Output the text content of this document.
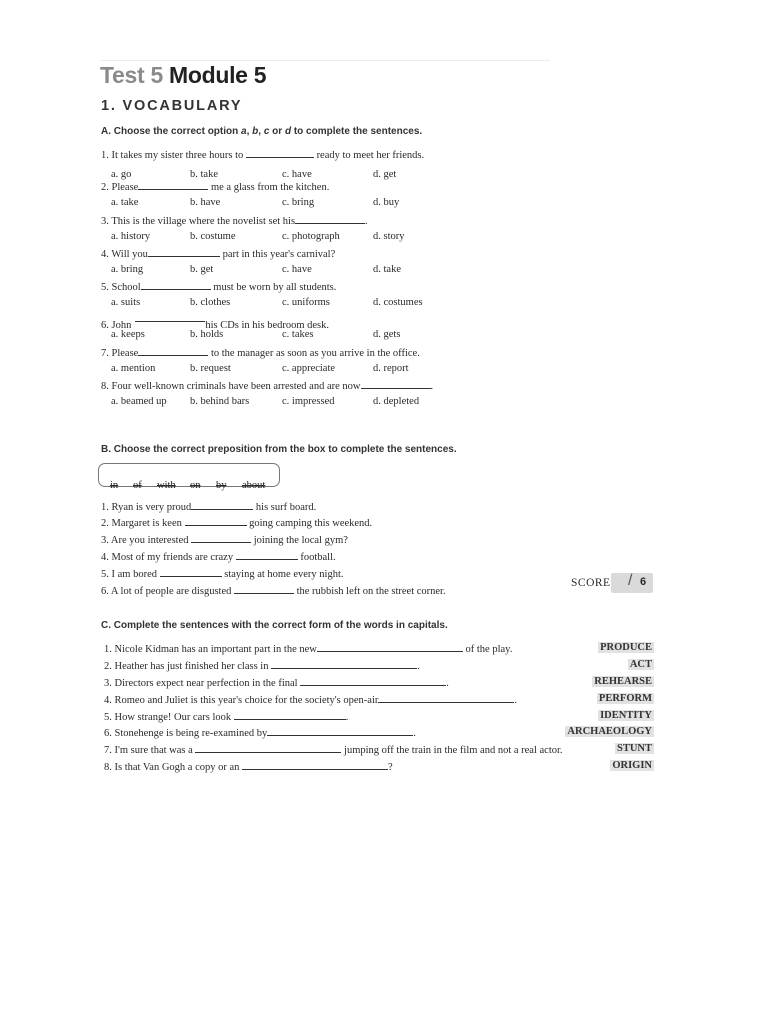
Test 5 Module 5
1. VOCABULARY
A. Choose the correct option a, b, c or d to complete the sentences.
1. It takes my sister three hours to	ready to meet her friends.
a. go	b. take	c. have	d. get
2. Please	me a glass from the kitchen.
a. take	b. have	c. bring	d. buy
3. This is the village where the novelist set his	.
a. history	b. costume	c. photograph	d. story
4. Will you	part in this year's carnival?
a. bring	b. get	c. have	d. take
5. School	must be worn by all students.
a. suits	b. clothes	c. uniforms	d. costumes
6. John	his CDs in his bedroom desk.
a. keeps	b. holds	c. takes	d. gets
7. Please	to the manager as soon as you arrive in the office.
a. mention	b. request	c. appreciate	d. report
8. Four well-known criminals have been arrested and are now	.
a. beamed up b. behind bars	c. impressed	d. depleted
B. Choose the correct preposition from the box to complete the sentences.
in of with on by about
1. Ryan is very proud	his surf board.
2. Margaret is keen	going camping this weekend.
3. Are you interested	joining the local gym?
4. Most of my friends are crazy	football.
5. I am bored	staying at home every night.
6. A lot of people are disgusted	the rubbish left on the street corner.
SCORE / 6
C. Complete the sentences with the correct form of the words in capitals.
1. Nicole Kidman has an important part in the new	of the play.	PRODUCE
2. Heather has just finished her class in	.	ACT
3. Directors expect near perfection in the final	.	REHEARSE
4. Romeo and Juliet is this year's choice for the society's open-air	.	PERFORM
5. How strange! Our cars look	.	IDENTITY
6. Stonehenge is being re-examined by	.	ARCHAEOLOGY
7. I'm sure that was a	jumping off the train in the film and not a real actor.	STUNT
8. Is that Van Gogh a copy or an	?	ORIGIN
